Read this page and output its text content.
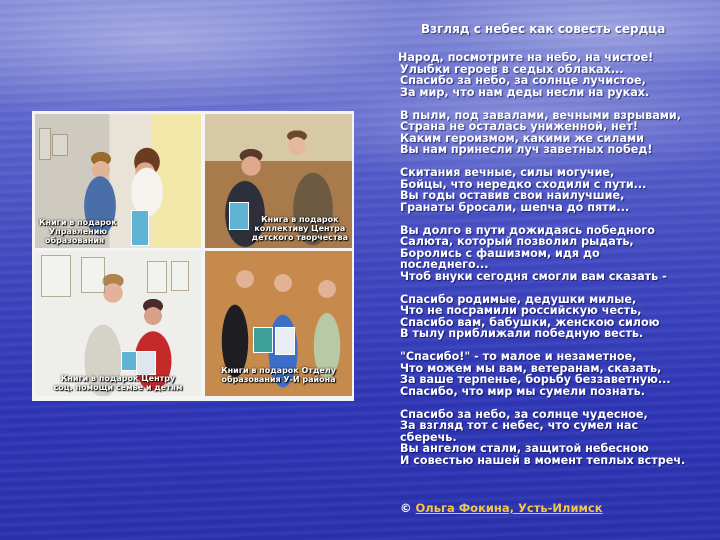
Взгляд с небес как совесть сердца
Книги в подарок
Управлению
образования
Книга в подарок
коллективу Центра
детского творчества
Книги в подарок Центру
соц. помощи семье и детям
Книги в подарок Отделу
образования У-И района
Народ, посмотрите на небо, на чистое!
Улыбки героев в седых облаках...
Спасибо за небо, за солнце лучистое,
За мир, что нам деды несли на руках.
В пыли, под завалами, вечными взрывами,
Страна не осталась униженной, нет!
Каким героизмом, какими же силами
Вы нам принесли луч заветных побед!
Скитания вечные, силы могучие,
Бойцы, что нередко сходили с пути...
Вы годы оставив свои наилучшие,
Гранаты бросали, шепча до пяти...
Вы долго в пути дожидаясь победного
Салюта, который позволил рыдать,
Боролись с фашизмом, идя до последнего...
Чтоб внуки сегодня смогли вам сказать -
Спасибо родимые, дедушки милые,
Что не посрамили российскую честь,
Спасибо вам, бабушки, женскою силою
В тылу приближали победную весть.
"Спасибо!" - то малое и незаметное,
Что можем мы вам, ветеранам, сказать,
За ваше терпенье, борьбу беззаветную...
Спасибо, что мир мы сумели познать.
Спасибо за небо, за солнце чудесное,
За взгляд тот с небес, что сумел нас сберечь.
Вы ангелом стали, защитой небесною
И совестью нашей в момент теплых встреч.
© Ольга Фокина, Усть-Илимск
